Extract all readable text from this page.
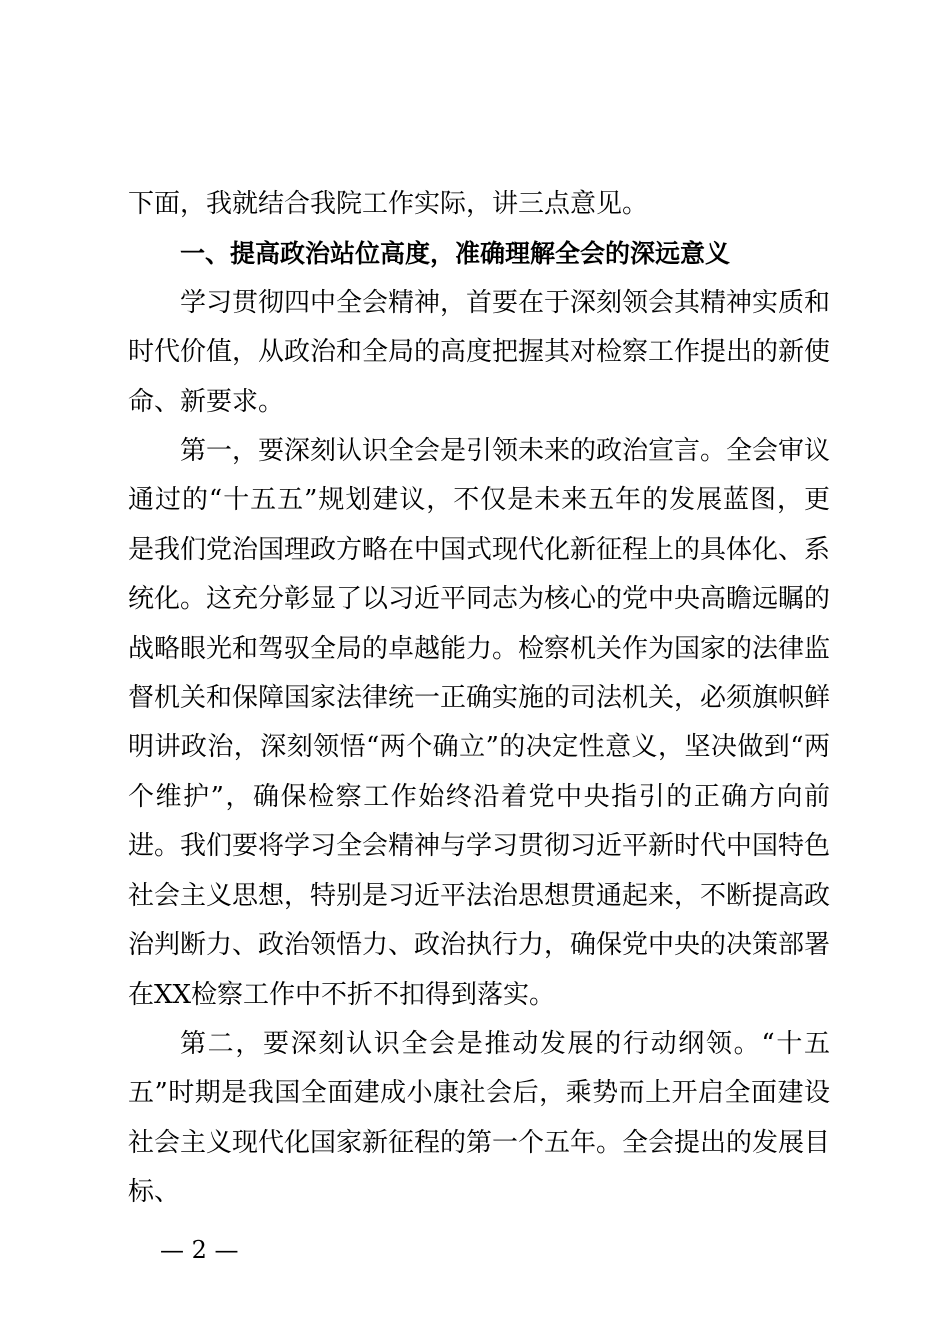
下面，我就结合我院工作实际，讲三点意见。

一、提高政治站位高度，准确理解全会的深远意义

学习贯彻四中全会精神，首要在于深刻领会其精神实质和时代价值，从政治和全局的高度把握其对检察工作提出的新使命、新要求。

第一，要深刻认识全会是引领未来的政治宣言。全会审议通过的“十五五”规划建议，不仅是未来五年的发展蓝图，更是我们党治国理政方略在中国式现代化新征程上的具体化、系统化。这充分彰显了以习近平同志为核心的党中央高瞻远瞩的战略眼光和驾驭全局的卓越能力。检察机关作为国家的法律监督机关和保障国家法律统一正确实施的司法机关，必须旗帜鲜明讲政治，深刻领悟“两个确立”的决定性意义，坚决做到“两个维护”，确保检察工作始终沿着党中央指引的正确方向前进。我们要将学习全会精神与学习贯彻习近平新时代中国特色社会主义思想，特别是习近平法治思想贯通起来，不断提高政治判断力、政治领悟力、政治执行力，确保党中央的决策部署在XX检察工作中不折不扣得到落实。

第二，要深刻认识全会是推动发展的行动纲领。“十五五”时期是我国全面建成小康社会后，乘势而上开启全面建设社会主义现代化国家新征程的第一个五年。全会提出的发展目标、

— 2 —
